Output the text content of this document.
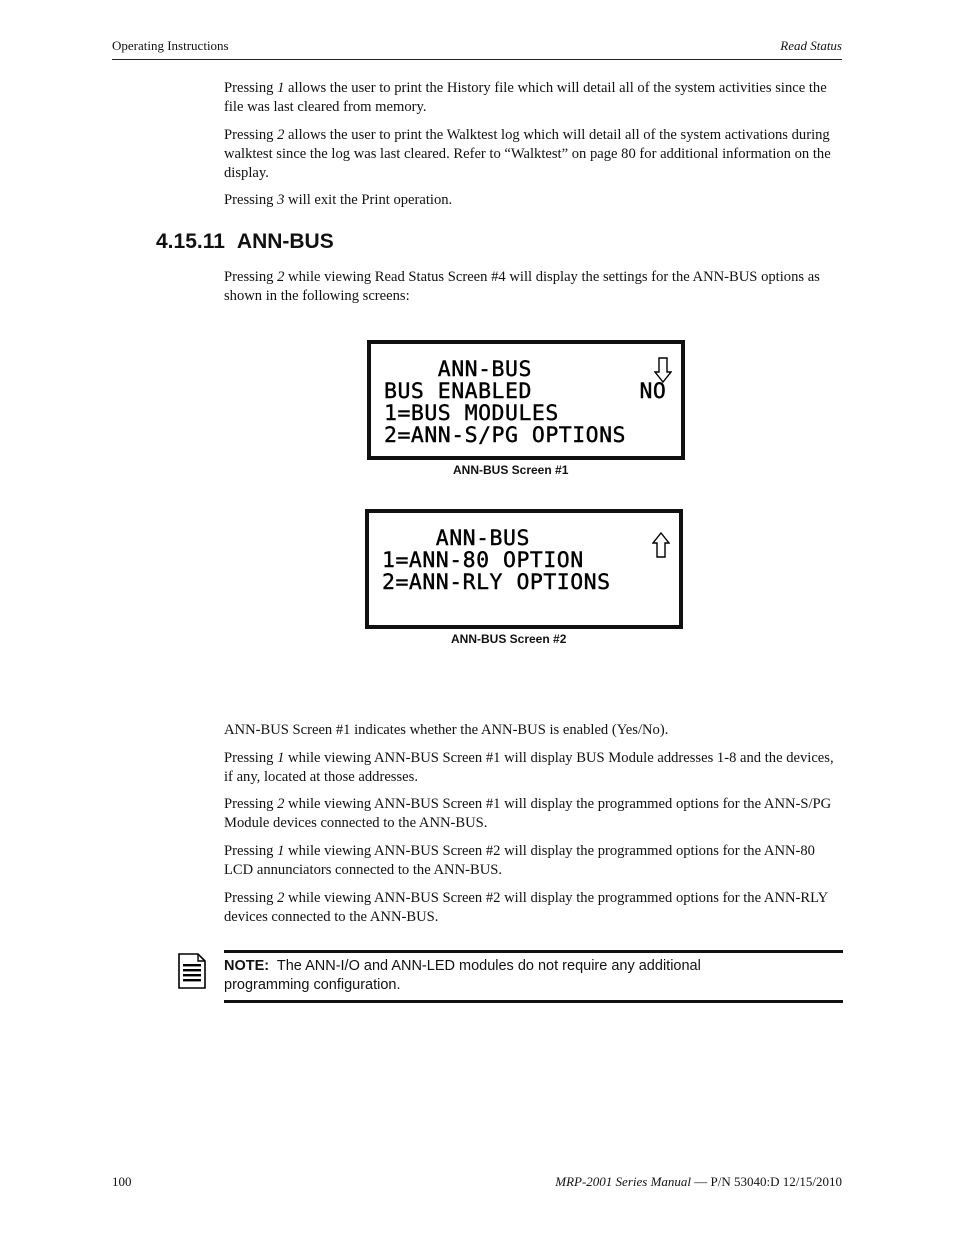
Operating Instructions	Read Status

Pressing 1 allows the user to print the History file which will detail all of the system activities since the file was last cleared from memory.

Pressing 2 allows the user to print the Walktest log which will detail all of the system activations during walktest since the log was last cleared. Refer to “Walktest” on page 80 for additional information on the display.

Pressing 3 will exit the Print operation.

4.15.11 ANN-BUS

Pressing 2 while viewing Read Status Screen #4 will display the settings for the ANN-BUS options as shown in the following screens:

ANN-BUS
BUS ENABLED        NO
1=BUS MODULES
2=ANN-S/PG OPTIONS
ANN-BUS Screen #1
ANN-BUS
1=ANN-80 OPTION
2=ANN-RLY OPTIONS
ANN-BUS Screen #2

ANN-BUS Screen #1 indicates whether the ANN-BUS is enabled (Yes/No).

Pressing 1 while viewing ANN-BUS Screen #1 will display BUS Module addresses 1-8 and the devices, if any, located at those addresses.

Pressing 2 while viewing ANN-BUS Screen #1 will display the programmed options for the ANN-S/PG Module devices connected to the ANN-BUS.

Pressing 1 while viewing ANN-BUS Screen #2 will display the programmed options for the ANN-80 LCD annunciators connected to the ANN-BUS.

Pressing 2 while viewing ANN-BUS Screen #2 will display the programmed options for the ANN-RLY devices connected to the ANN-BUS.

NOTE: The ANN-I/O and ANN-LED modules do not require any additional programming configuration.
100	MRP-2001 Series Manual — P/N 53040:D 12/15/2010
